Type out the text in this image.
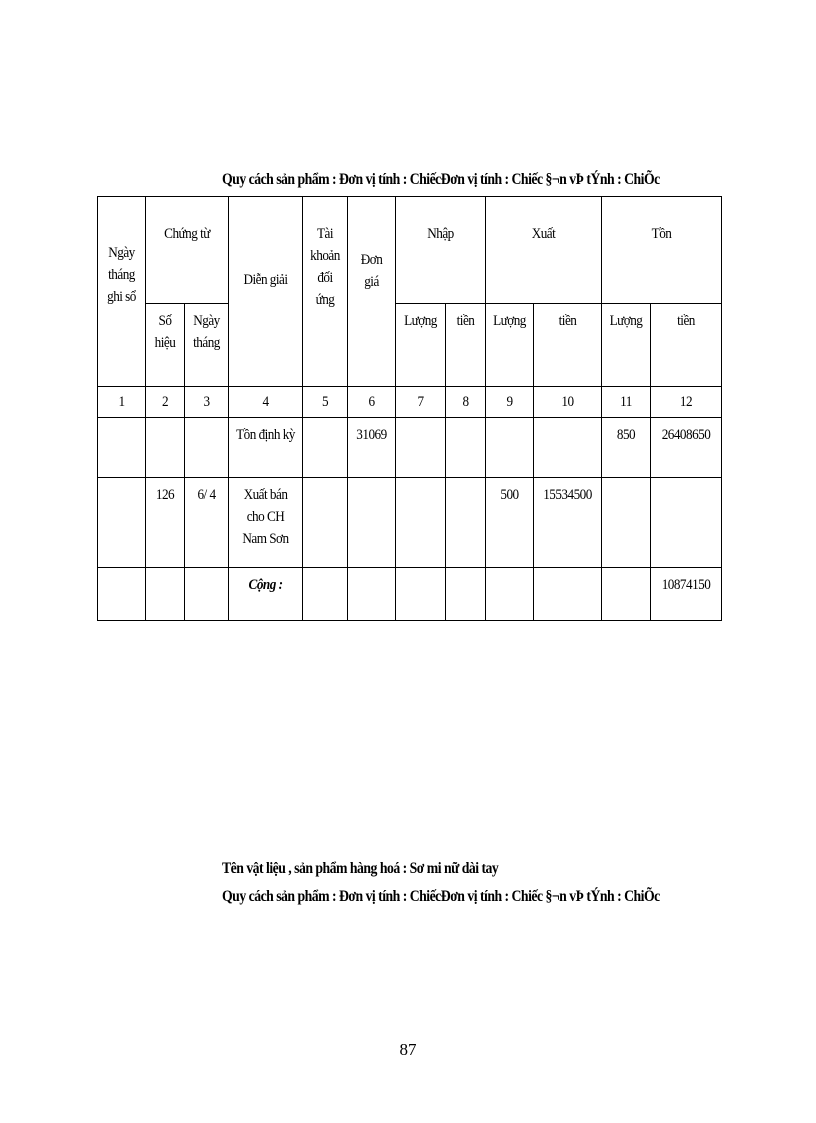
Quy cách sản phẩm : Đơn vị tính : ChiếcĐơn vị tính : Chiếc §¬n vÞ tÝnh : ChiÕc
Ngày tháng ghi sổ	Chứng từ		Diễn giải	Tài khoản đối ứng	Đơn giá	Nhập		Xuất		Tồn	

	Số hiệu	Ngày tháng				Lượng	tiền	Lượng	tiền	Lượng	tiền

1	2	3	4	5	6	7	8	9	10	11	12

			Tồn định kỳ		31069					850	26408650

	126	6/ 4	Xuất bán cho CH Nam Sơn					500	15534500		

			Cộng :								10874150
Tên vật liệu , sản phẩm hàng hoá : Sơ mi nữ dài tay
Quy cách sản phẩm : Đơn vị tính : ChiếcĐơn vị tính : Chiếc §¬n vÞ tÝnh : ChiÕc
87
